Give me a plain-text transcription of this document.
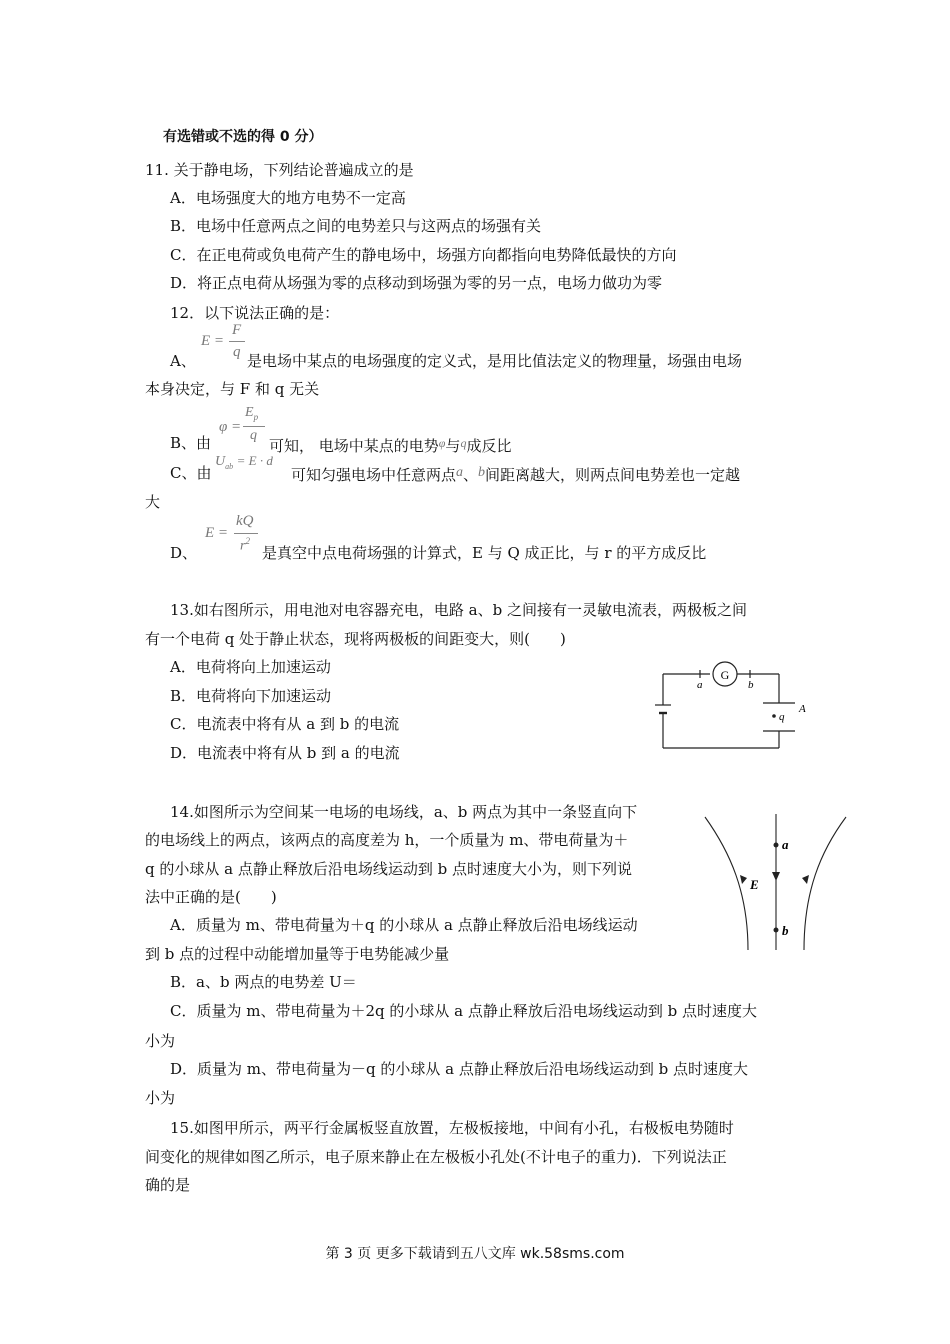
有选错或不选的得 0 分）
11. 关于静电场，下列结论普遍成立的是
A．电场强度大的地方电势不一定高
B．电场中任意两点之间的电势差只与这两点的场强有关
C．在正电荷或负电荷产生的静电场中，场强方向都指向电势降低最快的方向
D．将正点电荷从场强为零的点移动到场强为零的另一点，电场力做功为零
12．以下说法正确的是：
E =
F
q
A、	是电场中某点的电场强度的定义式，是用比值法定义的物理量，场强由电场
本身决定，与 F 和 q 无关
φ =
$E_p$
q
B、由	可知， 电场中某点的电势$^\varphi$与$^q$成反比
C、由
$U_{ab} = E \cdot d$
可知匀强电场中任意两点a、b间距离越大，则两点间电势差也一定越
大
E =
kQ
$r^2$
D、	是真空中点电荷场强的计算式，E 与 Q 成正比，与 r 的平方成反比
13.如右图所示，用电池对电容器充电，电路 a、b 之间接有一灵敏电流表，两极板之间
有一个电荷 q 处于静止状态，现将两极板的间距变大，则(　　)
A．电荷将向上加速运动
B．电荷将向下加速运动
C．电流表中将有从 a 到 b 的电流
D．电流表中将有从 b 到 a 的电流
G
a	b
q
A
14.如图所示为空间某一电场的电场线，a、b 两点为其中一条竖直向下
的电场线上的两点，该两点的高度差为 h，一个质量为 m、带电荷量为＋
q 的小球从 a 点静止释放后沿电场线运动到 b 点时速度大小为，则下列说
法中正确的是(　　)
A．质量为 m、带电荷量为＋q 的小球从 a 点静止释放后沿电场线运动
到 b 点的过程中动能增加量等于电势能减少量
B．a、b 两点的电势差 U＝
C．质量为 m、带电荷量为＋2q 的小球从 a 点静止释放后沿电场线运动到 b 点时速度大
小为
D．质量为 m、带电荷量为－q 的小球从 a 点静止释放后沿电场线运动到 b 点时速度大
小为
a
b
E
15.如图甲所示，两平行金属板竖直放置，左极板接地，中间有小孔，右极板电势随时
间变化的规律如图乙所示，电子原来静止在左极板小孔处(不计电子的重力)．下列说法正
确的是
第 3 页 更多下载请到五八文库 wk.58sms.com
